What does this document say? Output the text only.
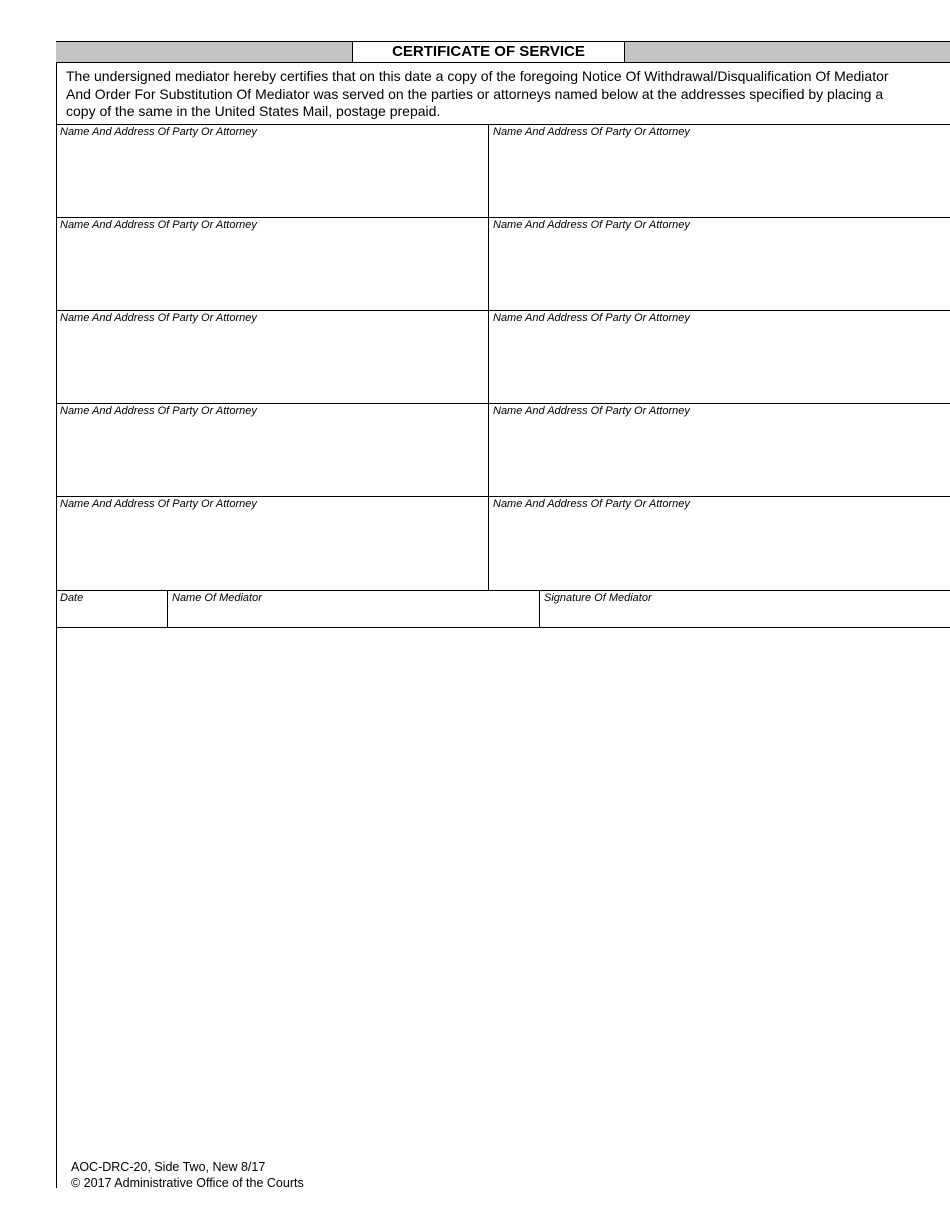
CERTIFICATE OF SERVICE
The undersigned mediator hereby certifies that on this date a copy of the foregoing Notice Of Withdrawal/Disqualification Of Mediator And Order For Substitution Of Mediator was served on the parties or attorneys named below at the addresses specified by placing a copy of the same in the United States Mail, postage prepaid.
Name And Address Of Party Or Attorney	Name And Address Of Party Or Attorney
Name And Address Of Party Or Attorney	Name And Address Of Party Or Attorney
Name And Address Of Party Or Attorney	Name And Address Of Party Or Attorney
Name And Address Of Party Or Attorney	Name And Address Of Party Or Attorney
Name And Address Of Party Or Attorney	Name And Address Of Party Or Attorney
Date	Name Of Mediator	Signature Of Mediator
AOC-DRC-20, Side Two, New 8/17
© 2017 Administrative Office of the Courts
